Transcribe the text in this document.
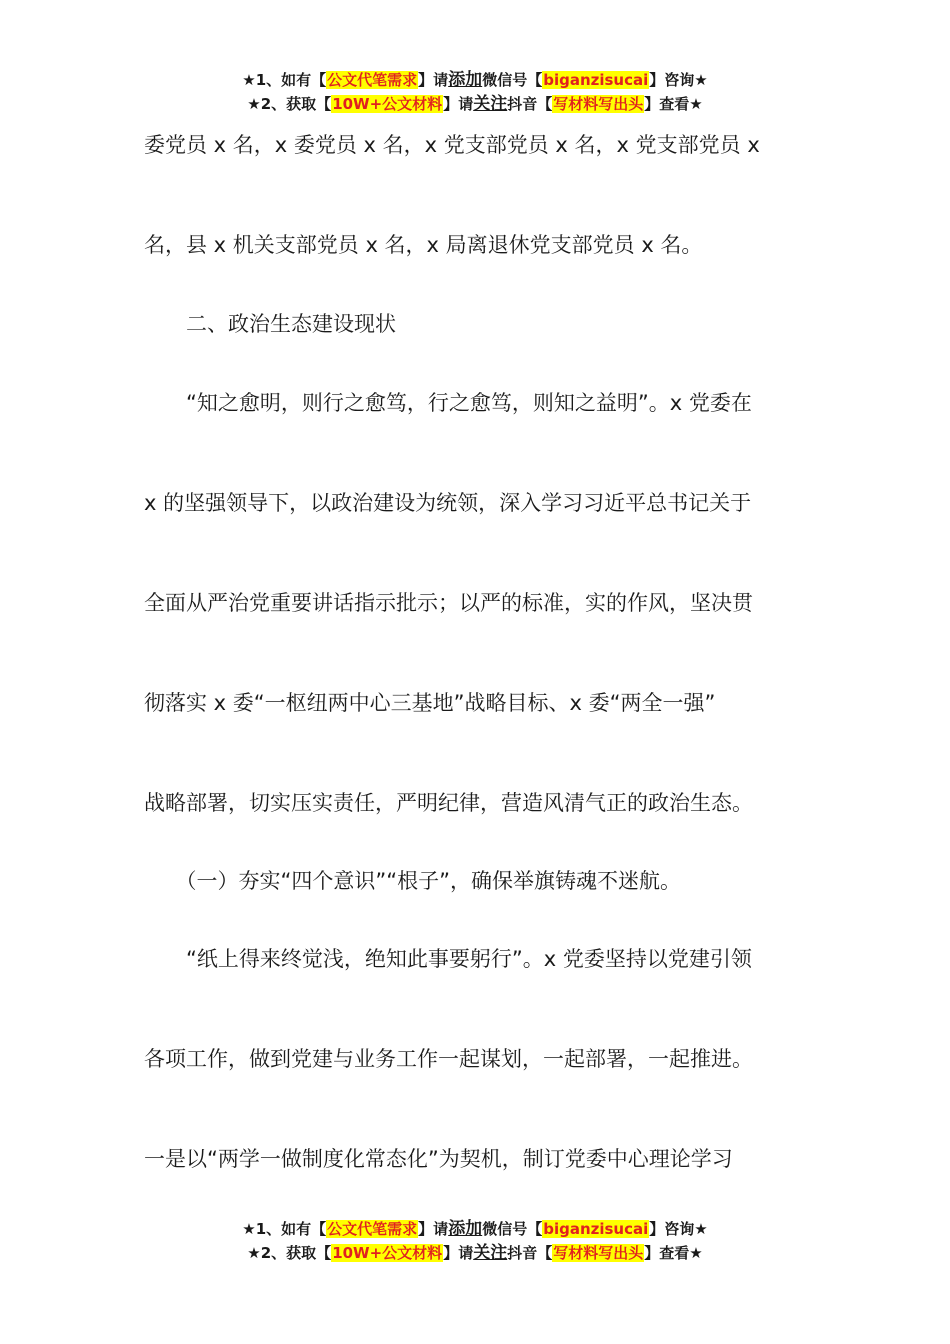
★1、如有【公文代笔需求】请添加微信号【biganzisucai】咨询★
★2、获取【10W+公文材料】请关注抖音【写材料写出头】查看★
委党员 x 名，x 委党员 x 名，x 党支部党员 x 名，x 党支部党员 x
名，县 x 机关支部党员 x 名，x 局离退休党支部党员 x 名。
　　二、政治生态建设现状
　　“知之愈明，则行之愈笃，行之愈笃，则知之益明”。x 党委在
x 的坚强领导下，以政治建设为统领，深入学习习近平总书记关于
全面从严治党重要讲话指示批示；以严的标准，实的作风，坚决贯
彻落实 x 委“一枢纽两中心三基地”战略目标、x 委“两全一强”
战略部署，切实压实责任，严明纪律，营造风清气正的政治生态。
　　（一）夯实“四个意识”“根子”，确保举旗铸魂不迷航。
　　“纸上得来终觉浅，绝知此事要躬行”。x 党委坚持以党建引领
各项工作，做到党建与业务工作一起谋划，一起部署，一起推进。
一是以“两学一做制度化常态化”为契机，制订党委中心理论学习
★1、如有【公文代笔需求】请添加微信号【biganzisucai】咨询★
★2、获取【10W+公文材料】请关注抖音【写材料写出头】查看★
